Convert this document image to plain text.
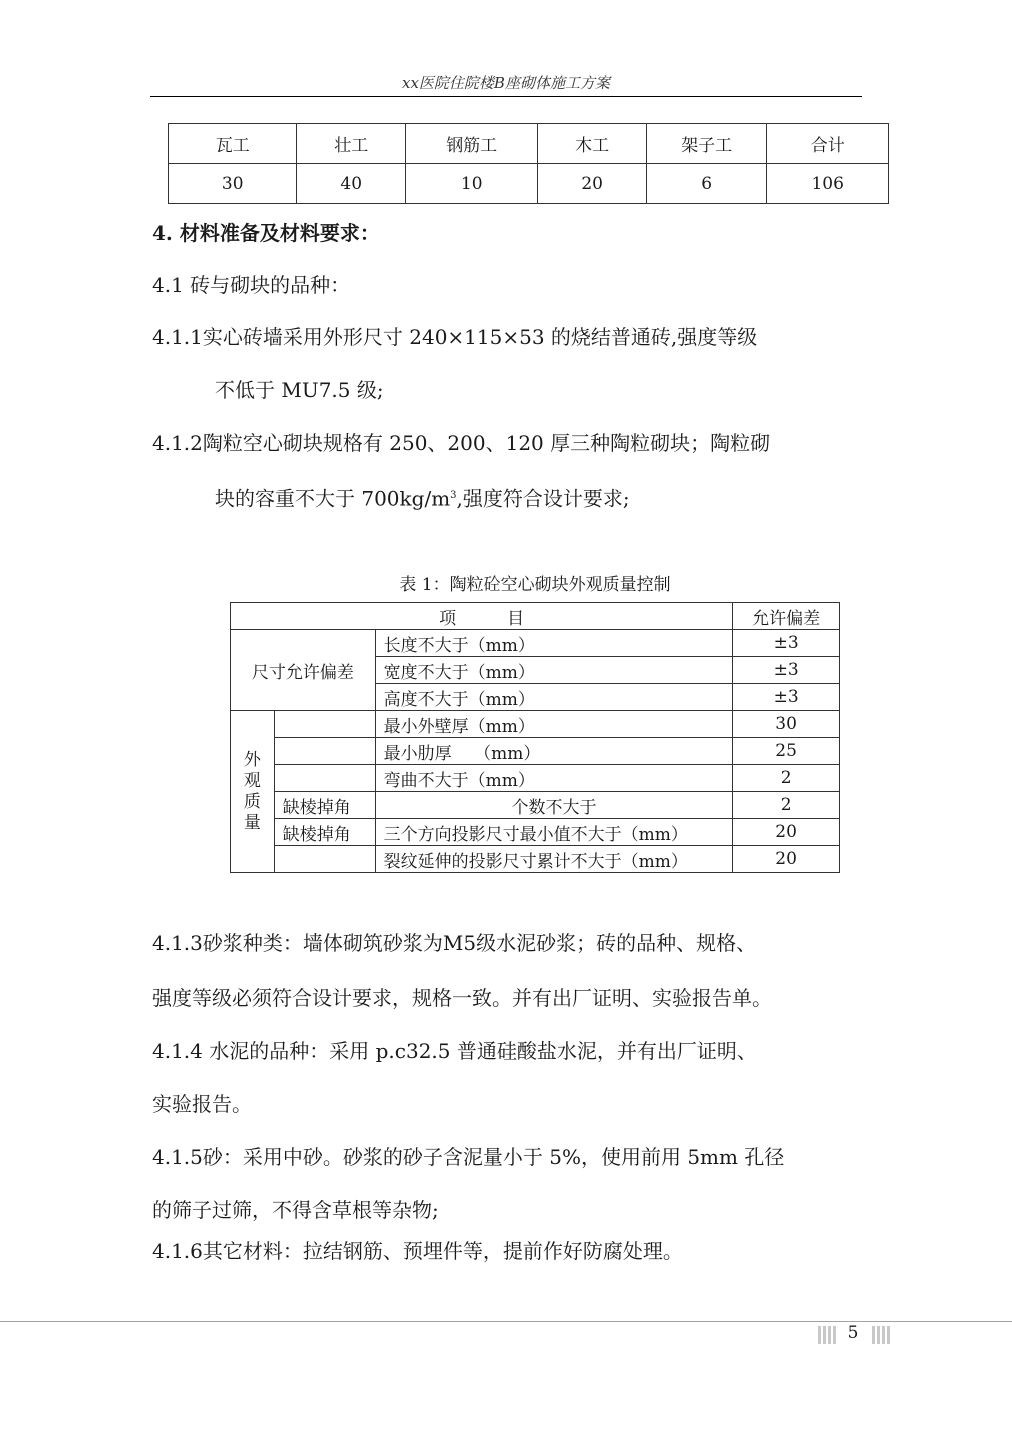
xx医院住院楼B座砌体施工方案
瓦工	壮工	钢筋工	木工	架子工	合计
30	40	10	20	6	106

4. 材料准备及材料要求：

4.1 砖与砌块的品种：

4.1.1实心砖墙采用外形尺寸 240×115×53 的烧结普通砖,强度等级

不低于 MU7.5 级;

4.1.2陶粒空心砌块规格有 250、200、120 厚三种陶粒砌块；陶粒砌

块的容重不大于 $700kg/m^3$,强度符合设计要求;

表 1：陶粒砼空心砌块外观质量控制
项　　　目			允许偏差
尺寸允许偏差		长度不大于（mm）	±3
		宽度不大于（mm）	±3
		高度不大于（mm）	±3

外
观
质
量		最小外壁厚（mm）	30
		最小肋厚　 （mm）	25
		弯曲不大于（mm）	2
	缺棱掉角	个数不大于	2
	缺棱掉角	三个方向投影尺寸最小值不大于（mm）	20
		裂纹延伸的投影尺寸累计不大于（mm）	20

4.1.3砂浆种类：墙体砌筑砂浆为M5级水泥砂浆；砖的品种、规格、

强度等级必须符合设计要求，规格一致。并有出厂证明、实验报告单。

4.1.4 水泥的品种：采用 p.c32.5 普通硅酸盐水泥，并有出厂证明、

实验报告。

4.1.5砂：采用中砂。砂浆的砂子含泥量小于 5%，使用前用 5mm 孔径

的筛子过筛，不得含草根等杂物;

4.1.6其它材料：拉结钢筋、预埋件等，提前作好防腐处理。

5
